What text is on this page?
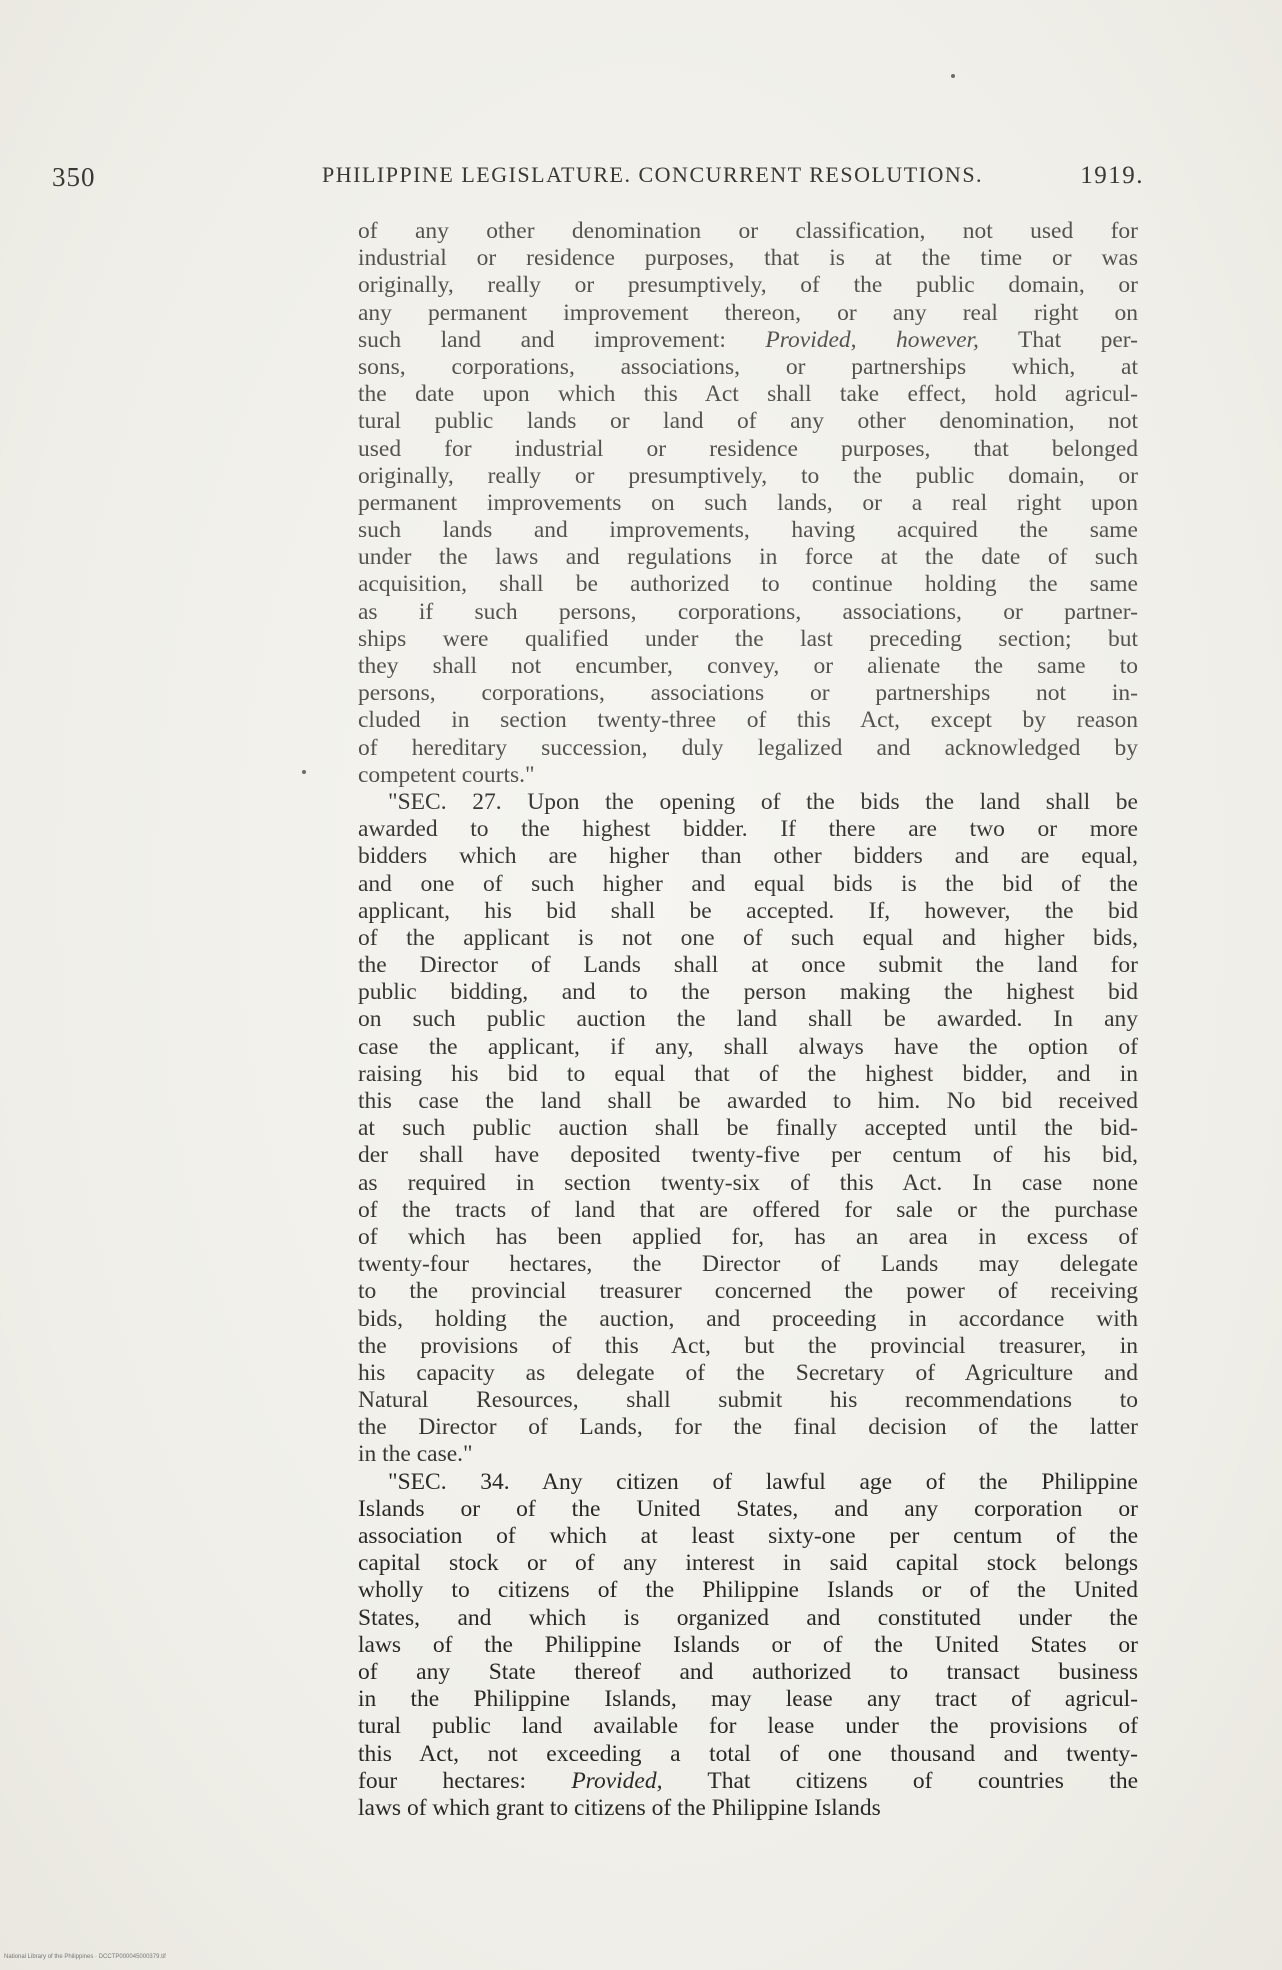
350	PHILIPPINE LEGISLATURE. CONCURRENT RESOLUTIONS.	1919.
of any other denomination or classification, not used for
industrial or residence purposes, that is at the time or was
originally, really or presumptively, of the public domain, or
any permanent improvement thereon, or any real right on
such land and improvement: Provided, however, That per-
sons, corporations, associations, or partnerships which, at
the date upon which this Act shall take effect, hold agricul-
tural public lands or land of any other denomination, not
used for industrial or residence purposes, that belonged
originally, really or presumptively, to the public domain, or
permanent improvements on such lands, or a real right upon
such lands and improvements, having acquired the same
under the laws and regulations in force at the date of such
acquisition, shall be authorized to continue holding the same
as if such persons, corporations, associations, or partner-
ships were qualified under the last preceding section; but
they shall not encumber, convey, or alienate the same to
persons, corporations, associations or partnerships not in-
cluded in section twenty-three of this Act, except by reason
of hereditary succession, duly legalized and acknowledged by
competent courts."
"SEC. 27. Upon the opening of the bids the land shall be
awarded to the highest bidder. If there are two or more
bidders which are higher than other bidders and are equal,
and one of such higher and equal bids is the bid of the
applicant, his bid shall be accepted. If, however, the bid
of the applicant is not one of such equal and higher bids,
the Director of Lands shall at once submit the land for
public bidding, and to the person making the highest bid
on such public auction the land shall be awarded. In any
case the applicant, if any, shall always have the option of
raising his bid to equal that of the highest bidder, and in
this case the land shall be awarded to him. No bid received
at such public auction shall be finally accepted until the bid-
der shall have deposited twenty-five per centum of his bid,
as required in section twenty-six of this Act. In case none
of the tracts of land that are offered for sale or the purchase
of which has been applied for, has an area in excess of
twenty-four hectares, the Director of Lands may delegate
to the provincial treasurer concerned the power of receiving
bids, holding the auction, and proceeding in accordance with
the provisions of this Act, but the provincial treasurer, in
his capacity as delegate of the Secretary of Agriculture and
Natural Resources, shall submit his recommendations to
the Director of Lands, for the final decision of the latter
in the case."
"SEC. 34. Any citizen of lawful age of the Philippine
Islands or of the United States, and any corporation or
association of which at least sixty-one per centum of the
capital stock or of any interest in said capital stock belongs
wholly to citizens of the Philippine Islands or of the United
States, and which is organized and constituted under the
laws of the Philippine Islands or of the United States or
of any State thereof and authorized to transact business
in the Philippine Islands, may lease any tract of agricul-
tural public land available for lease under the provisions of
this Act, not exceeding a total of one thousand and twenty-
four hectares: Provided, That citizens of countries the
laws of which grant to citizens of the Philippine Islands
National Library of the Philippines · DCCTP000045000379.tif
